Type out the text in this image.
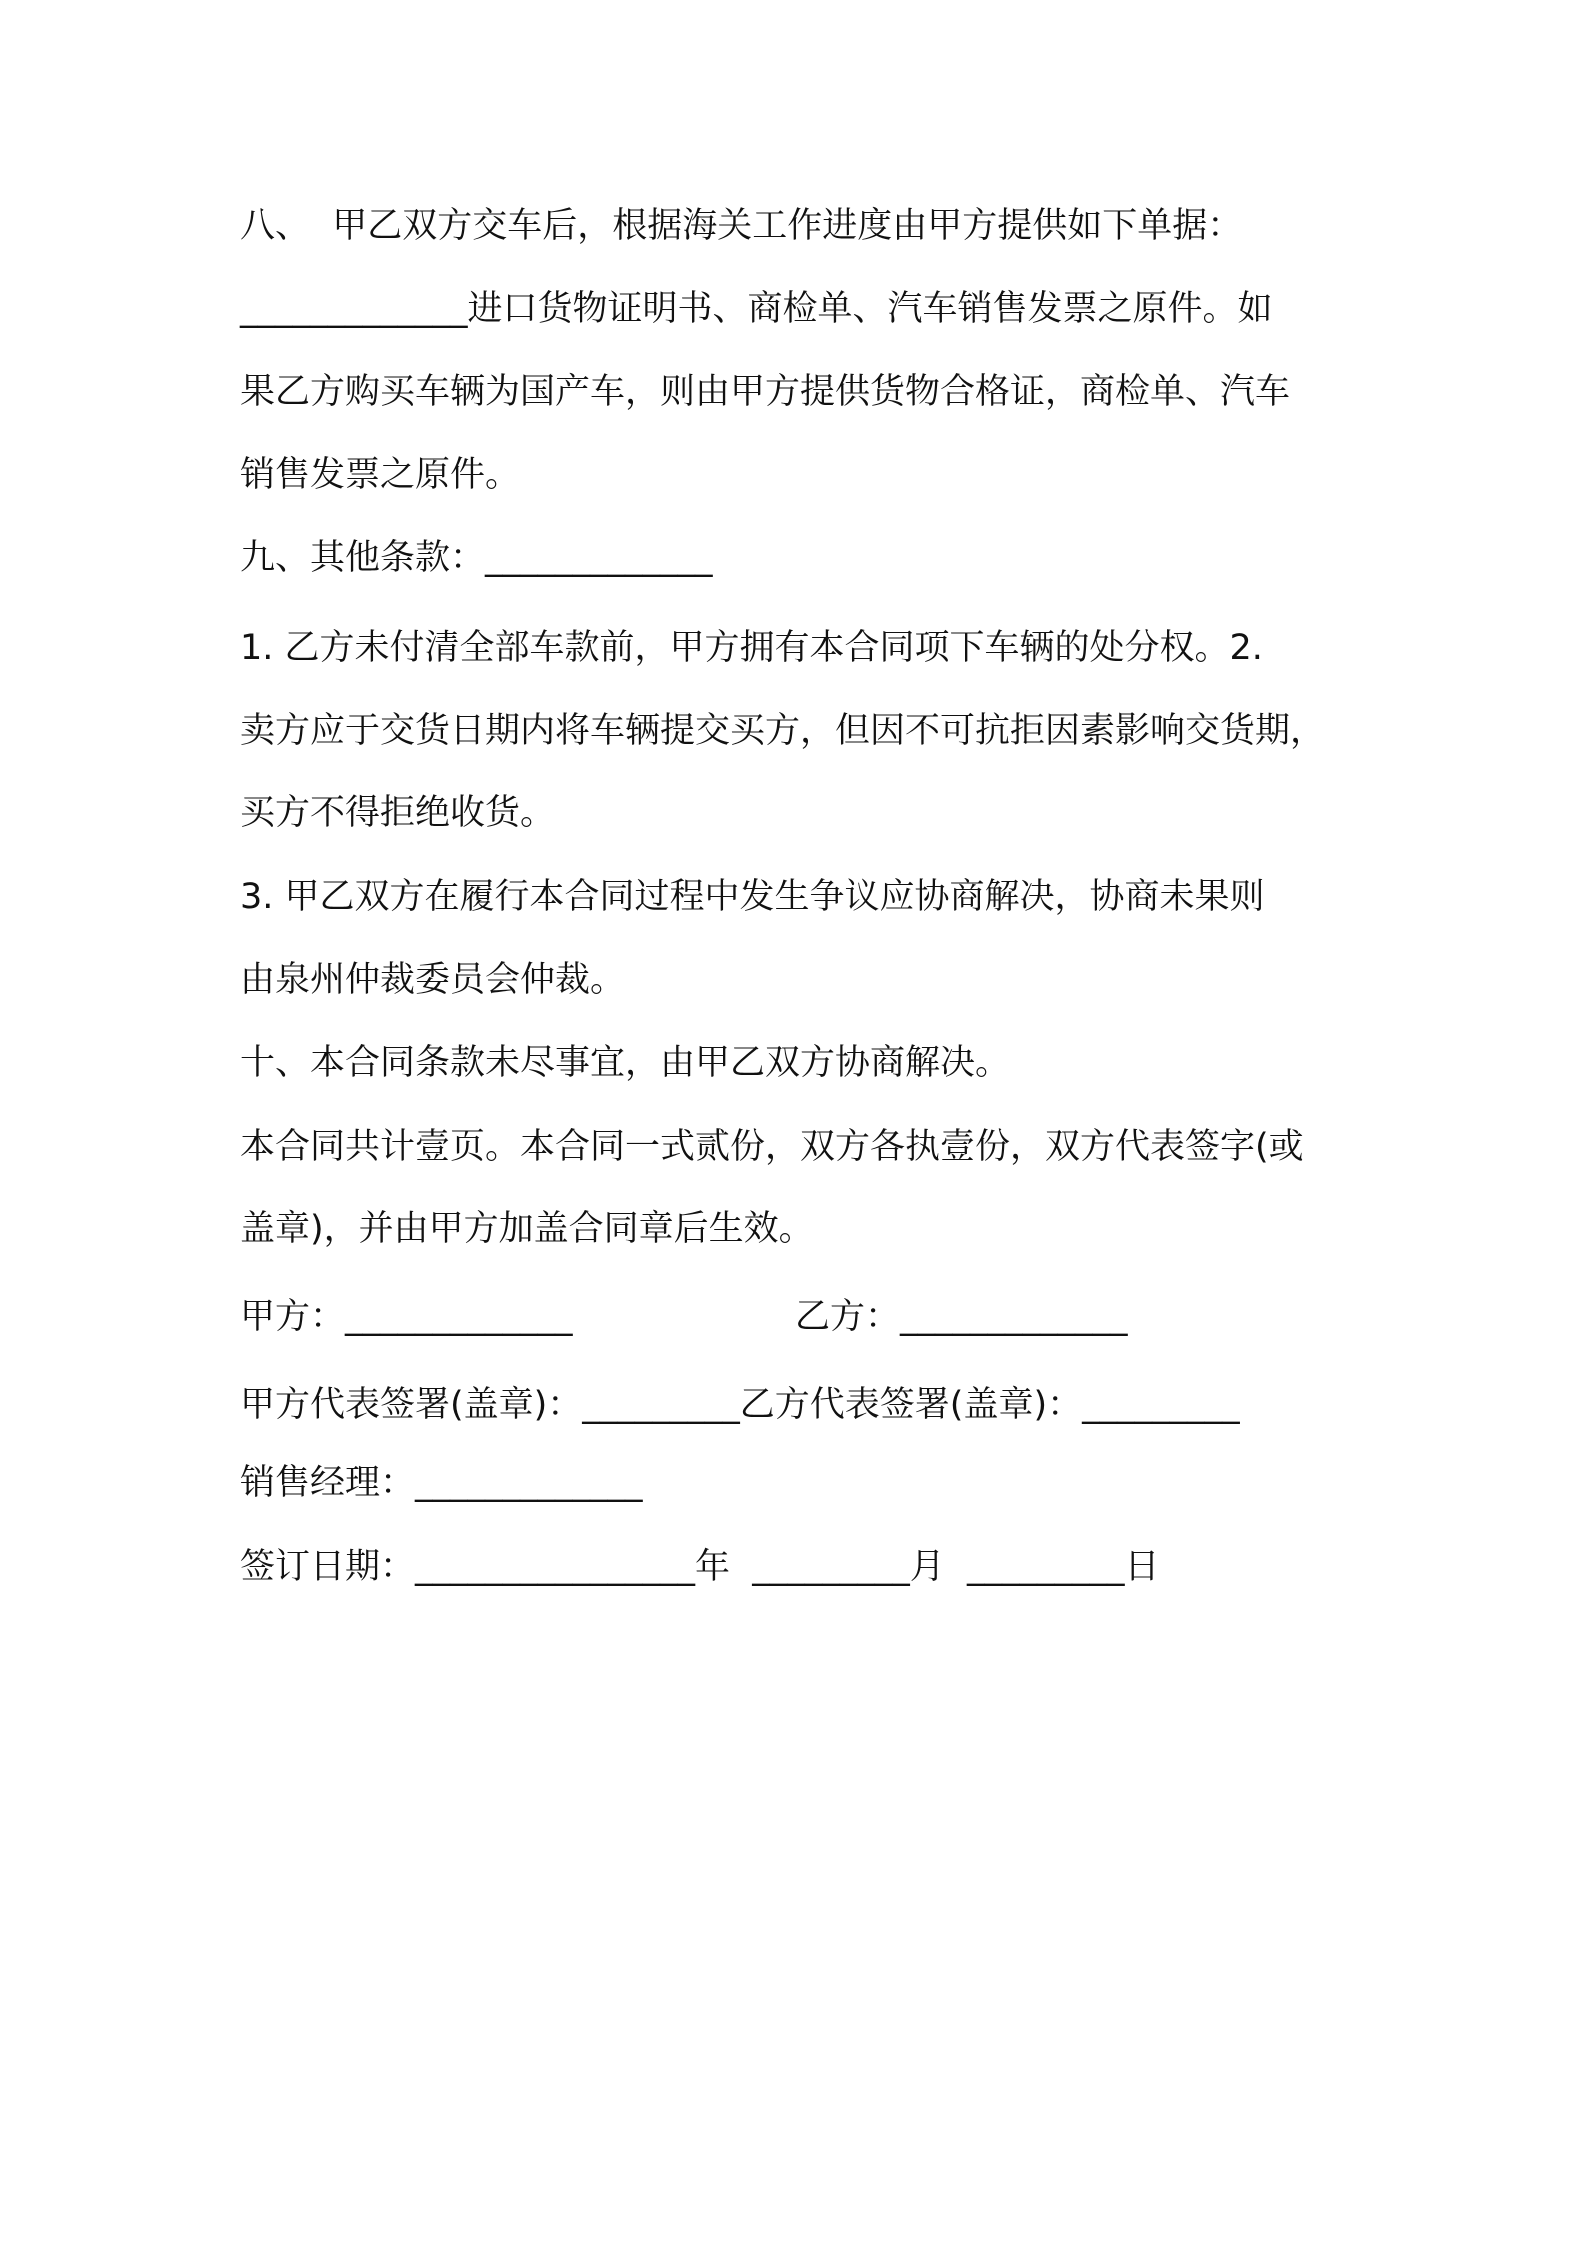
八、  甲乙双方交车后，根据海关工作进度由甲方提供如下单据：
_____________进口货物证明书、商检单、汽车销售发票之原件。如
果乙方购买车辆为国产车，则由甲方提供货物合格证，商检单、汽车
销售发票之原件。
九、其他条款：_____________
1. 乙方未付清全部车款前，甲方拥有本合同项下车辆的处分权。2.
卖方应于交货日期内将车辆提交买方，但因不可抗拒因素影响交货期，
买方不得拒绝收货。
3. 甲乙双方在履行本合同过程中发生争议应协商解决，协商未果则
由泉州仲裁委员会仲裁。
十、本合同条款未尽事宜，由甲乙双方协商解决。
本合同共计壹页。本合同一式贰份，双方各执壹份，双方代表签字(或
盖章)，并由甲方加盖合同章后生效。
甲方：_____________	乙方：_____________
甲方代表签署(盖章)：_________乙方代表签署(盖章)：_________
销售经理：_____________
签订日期：________________年  _________月  _________日
